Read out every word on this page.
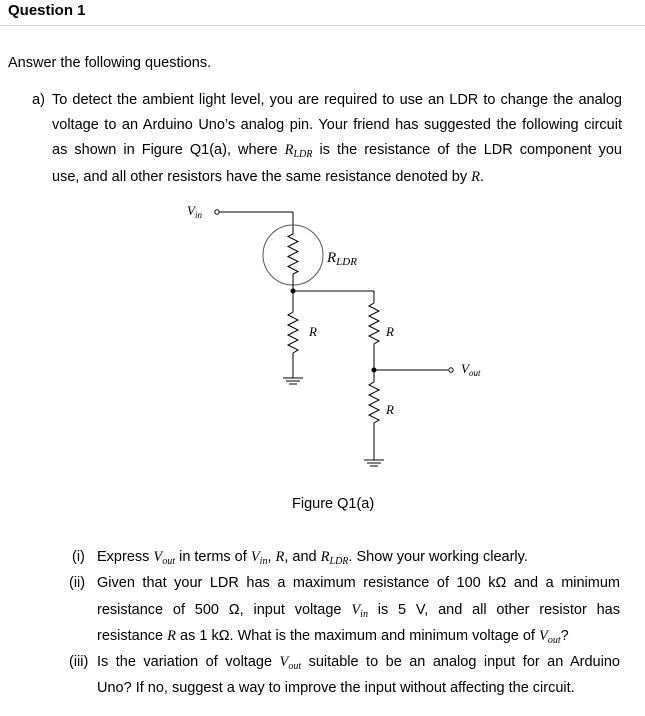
Question 1
Answer the following questions.
a) To detect the ambient light level, you are required to use an LDR to change the analog
voltage to an Arduino Uno’s analog pin. Your friend has suggested the following circuit
as shown in Figure Q1(a), where $R_{LDR}$ is the resistance of the LDR component you
use, and all other resistors have the same resistance denoted by R.
$V_{in}$
$R_{LDR}$
R	R
R
$V_{out}$
Figure Q1(a)
(i) Express $V_{out}$ in terms of $V_{in}$, R, and $R_{LDR}$. Show your working clearly.
(ii) Given that your LDR has a maximum resistance of 100 kΩ and a minimum
resistance of 500 Ω, input voltage $V_{in}$ is 5 V, and all other resistor has
resistance R as 1 kΩ. What is the maximum and minimum voltage of $V_{out}$?
(iii) Is the variation of voltage $V_{out}$ suitable to be an analog input for an Arduino
Uno? If no, suggest a way to improve the input without affecting the circuit.
